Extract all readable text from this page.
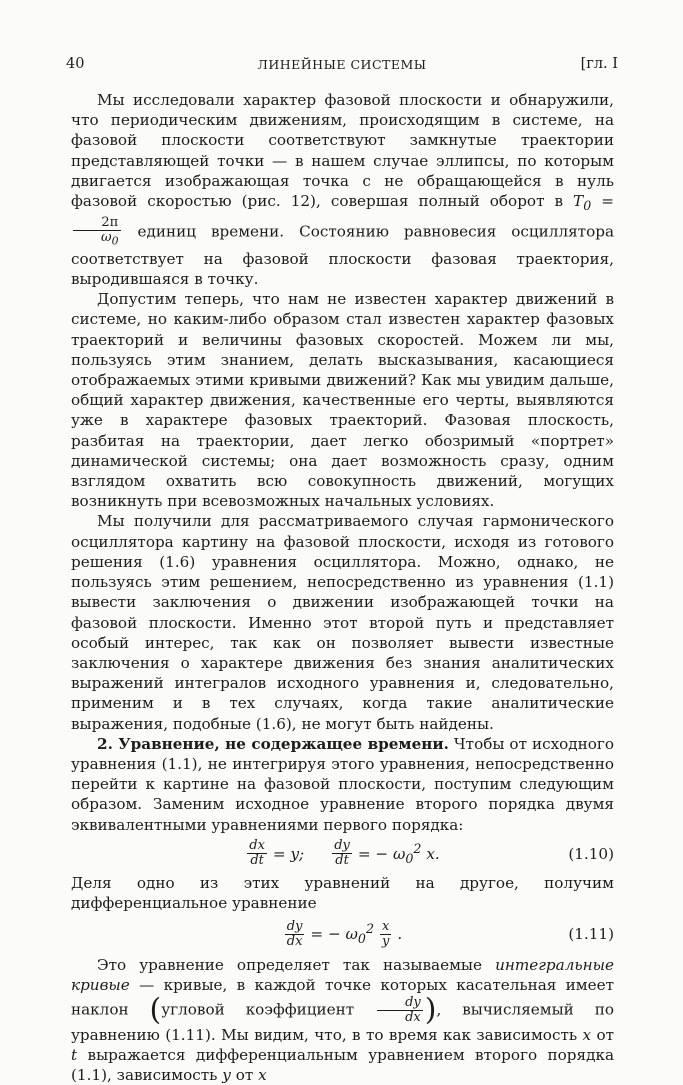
40	ЛИНЕЙНЫЕ СИСТЕМЫ	[гл. I

Мы исследовали характер фазовой плоскости и обнаружили, что периодическим движениям, происходящим в системе, на фазовой плоскости соответствуют замкнутые траектории представляющей точки — в нашем случае эллипсы, по которым двигается изображающая точка с не обращающейся в нуль фазовой скоростью (рис. 12), совершая полный оборот в $T_0$ =
$\frac{2\pi}{\omega_0}$ единиц времени. Состоянию равновесия осциллятора соответствует на фазовой плоскости фазовая траектория, выродившаяся в точку.

Допустим теперь, что нам не известен характер движений в системе, но каким-либо образом стал известен характер фазовых траекторий и величины фазовых скоростей. Можем ли мы, пользуясь этим знанием, делать высказывания, касающиеся отображаемых этими кривыми движений? Как мы увидим дальше, общий характер движения, качественные его черты, выявляются уже в характере фазовых траекторий. Фазовая плоскость, разбитая на траектории, дает легко обозримый «портрет» динамической системы; она дает возможность сразу, одним взглядом охватить всю совокупность движений, могущих возникнуть при всевозможных начальных условиях.

Мы получили для рассматриваемого случая гармонического осциллятора картину на фазовой плоскости, исходя из готового решения (1.6) уравнения осциллятора. Можно, однако, не пользуясь этим решением, непосредственно из уравнения (1.1) вывести заключения о движении изображающей точки на фазовой плоскости. Именно этот второй путь и представляет особый интерес, так как он позволяет вывести известные заключения о характере движения без знания аналитических выражений интегралов исходного уравнения и, следовательно, применим и в тех случаях, когда такие аналитические выражения, подобные (1.6), не могут быть найдены.

2. Уравнение, не содержащее времени. Чтобы от исходного уравнения (1.1), не интегрируя этого уравнения, непосредственно перейти к картине на фазовой плоскости, поступим следующим образом. Заменим исходное уравнение второго порядка двумя эквивалентными уравнениями первого порядка:

$\frac{dx}{dt} = y$; $\frac{dy}{dt}$ = − $\omega_0^2$ x.	(1.10)

Деля одно из этих уравнений на другое, получим дифференциальное уравнение

$\frac{dy}{dx}$ = − $\omega_0^2 \frac{x}{y}$ .	(1.11)

Это уравнение определяет так называемые интегральные кривые — кривые, в каждой точке которых касательная имеет наклон (угловой коэффициент $\frac{dy}{dx}$ ), вычисляемый по уравнению (1.11). Мы видим, что, в то время как зависимость x от t выражается дифференциальным уравнением второго порядка (1.1), зависимость y от x
